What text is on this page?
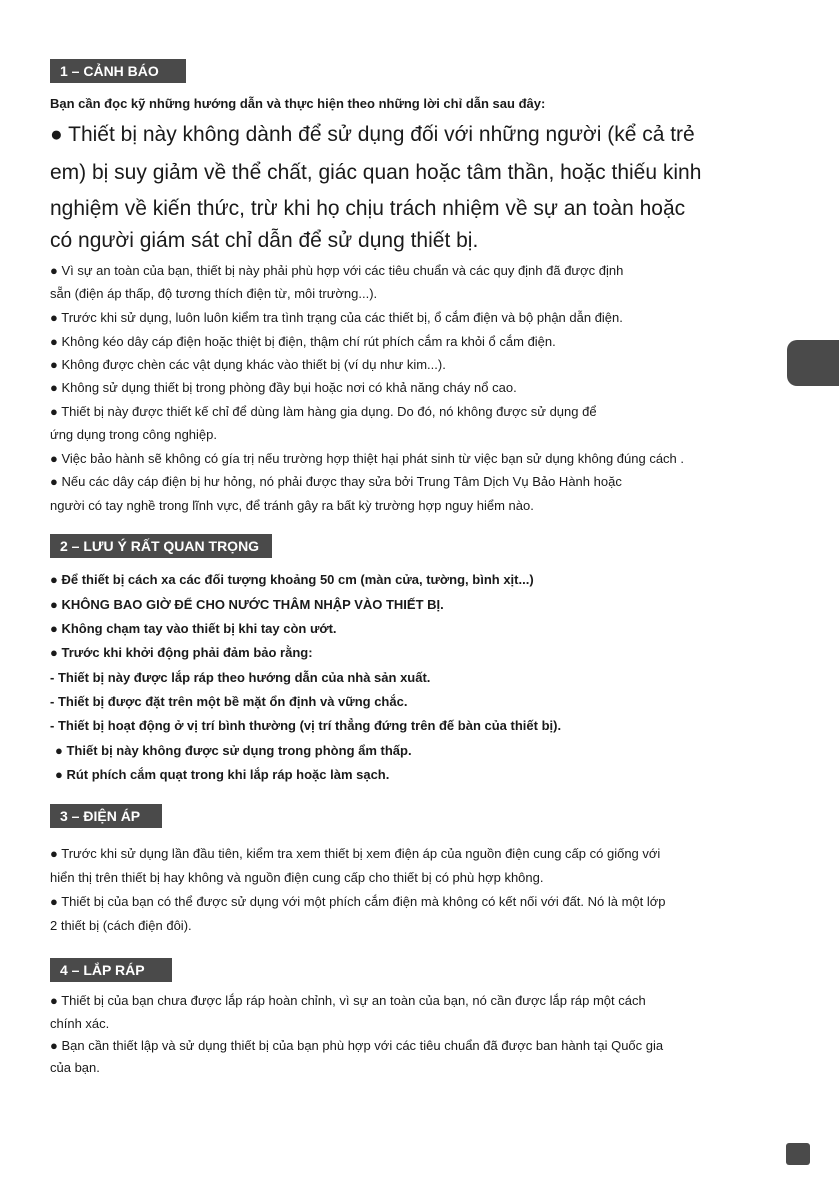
1 – CẢNH BÁO
Bạn cần đọc kỹ những hướng dẫn và thực hiện theo những lời chỉ dẫn sau đây:
● Thiết bị này không dành để sử dụng đối với những người (kể cả trẻ
em) bị suy giảm về thể chất, giác quan hoặc tâm thần, hoặc thiếu kinh
nghiệm về kiến thức, trừ khi họ chịu trách nhiệm về sự an toàn hoặc
có người giám sát chỉ dẫn để sử dụng thiết bị.
● Vì sự an toàn của bạn, thiết bị này phải phù hợp với các tiêu chuẩn và các quy định đã được định
sẵn (điện áp thấp, độ tương thích điện từ, môi trường...).
● Trước khi sử dụng, luôn luôn kiểm tra tình trạng của các thiết bị, ổ cắm điện và bộ phận dẫn điện.
● Không kéo dây cáp điện hoặc thiệt bị điện, thậm chí rút phích cắm ra khỏi ổ cắm điện.
● Không được chèn các vật dụng khác vào thiết bị (ví dụ như kim...).
● Không sử dụng thiết bị trong phòng đầy bụi hoặc nơi có khả năng cháy nổ cao.
● Thiết bị này được thiết kế chỉ để dùng làm hàng gia dụng. Do đó, nó không được sử dụng để
ứng dụng trong công nghiệp.
● Việc bảo hành sẽ không có gía trị nếu trường hợp thiệt hại phát sinh từ việc bạn sử dụng không đúng cách .
● Nếu các dây cáp điện bị hư hỏng, nó phải được thay sửa bởi Trung Tâm Dịch Vụ Bảo Hành hoặc
người có tay nghề trong lĩnh vực, để tránh gây ra bất kỳ trường hợp nguy hiểm nào.
2 – LƯU Ý RẤT QUAN TRỌNG
● Để thiết bị cách xa các đối tượng khoảng 50 cm (màn cửa, tường, bình xịt...)
● KHÔNG BAO GIỜ ĐỂ CHO NƯỚC THÂM NHẬP VÀO THIẾT BỊ.
● Không chạm tay vào thiết bị khi tay còn ướt.
● Trước khi khởi động phải đảm bảo rằng:
- Thiết bị này được lắp ráp theo hướng dẫn của nhà sản xuất.
- Thiết bị được đặt trên một bề mặt ổn định và vững chắc.
- Thiết bị hoạt động ở vị trí bình thường (vị trí thẳng đứng trên đế bàn của thiết bị).
● Thiết bị này không được sử dụng trong phòng ẩm thấp.
● Rút phích cắm quạt trong khi lắp ráp hoặc làm sạch.
3 – ĐIỆN ÁP
● Trước khi sử dụng lần đầu tiên, kiểm tra xem thiết bị xem điện áp của nguồn điện cung cấp có giống với
hiển thị trên thiết bị hay không và nguồn điện cung cấp cho thiết bị có phù hợp không.
● Thiết bị của bạn có thể được sử dụng với một phích cắm điện mà không có kết nối với đất. Nó là một lớp
2 thiết bị (cách điện đôi).
4 – LẮP RÁP
● Thiết bị của bạn chưa được lắp ráp hoàn chỉnh, vì sự an toàn của bạn, nó cần được lắp ráp một cách
chính xác.
● Bạn cần thiết lập và sử dụng thiết bị của bạn phù hợp với các tiêu chuẩn đã được ban hành tại Quốc gia
của bạn.
